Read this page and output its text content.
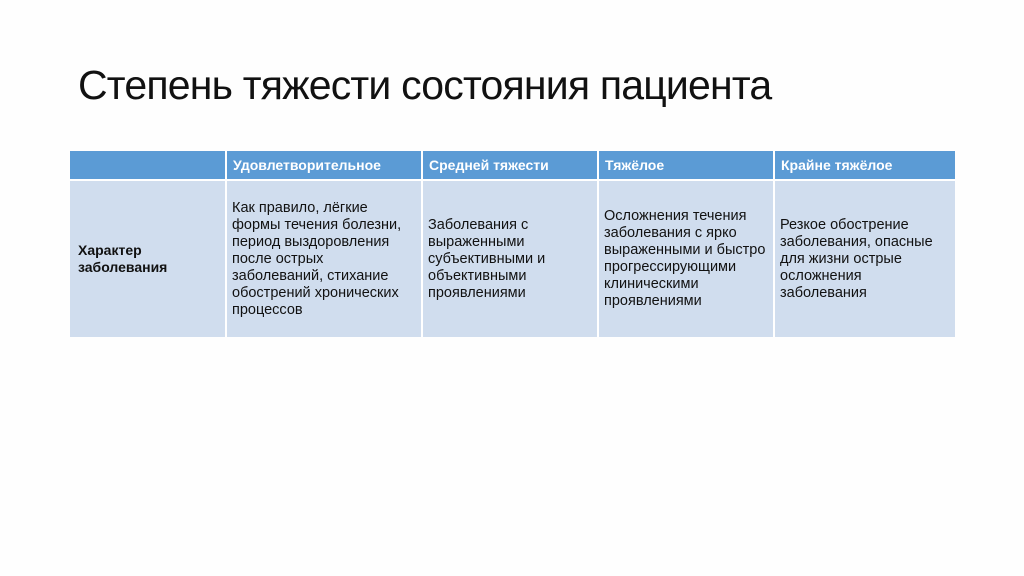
Степень тяжести состояния пациента
	Удовлетворительное	Средней тяжести	Тяжёлое	Крайне тяжёлое

Характер заболевания	Как правило, лёгкие формы течения болезни, период выздоровления после острых заболеваний, стихание обострений хронических процессов	Заболевания с выраженными субъективными и объективными проявлениями	Осложнения течения заболевания с ярко выраженными и быстро прогрессирующими клиническими проявлениями	Резкое обострение заболевания, опасные для жизни острые осложнения заболевания
